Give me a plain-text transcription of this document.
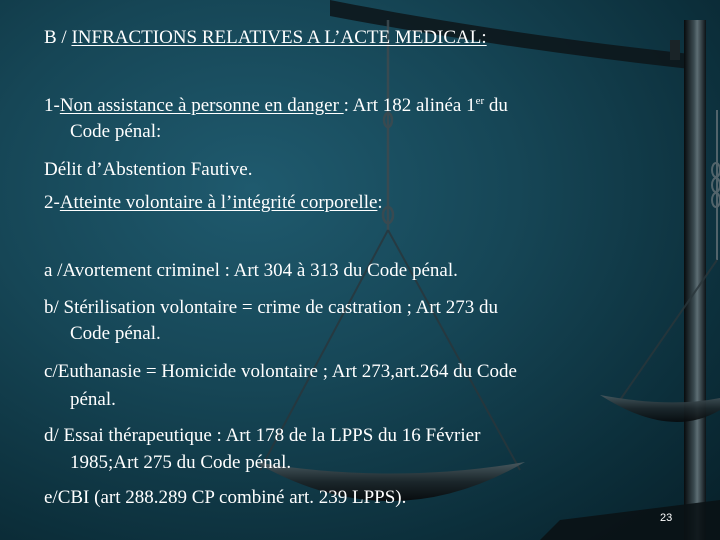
B / INFRACTIONS RELATIVES A L’ACTE MEDICAL:
1-Non assistance à personne en danger : Art 182 alinéa 1er du
Code pénal:
Délit d’Abstention Fautive.
2-Atteinte volontaire à l’intégrité corporelle:
a /Avortement criminel : Art 304 à 313 du Code pénal.
b/ Stérilisation volontaire = crime de castration ; Art 273 du
Code pénal.
c/Euthanasie = Homicide volontaire ; Art 273,art.264 du Code
pénal.
d/ Essai thérapeutique : Art 178 de la LPPS du 16 Février
1985;Art 275 du Code pénal.
e/CBI (art 288.289 CP combiné art. 239 LPPS).
23
